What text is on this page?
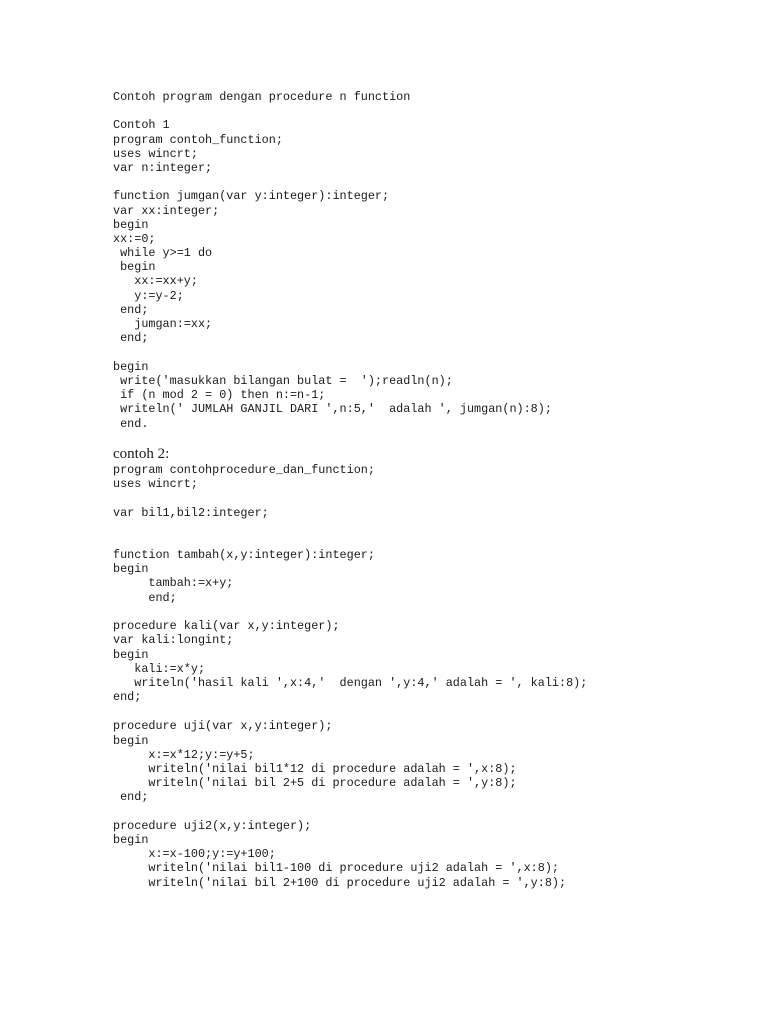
Contoh program dengan procedure n function

Contoh 1

program contoh_function;

uses wincrt;

var n:integer;

function jumgan(var y:integer):integer;

var xx:integer;

begin

xx:=0;

while y>=1 do

begin

xx:=xx+y;

y:=y-2;

end;

jumgan:=xx;

end;

begin

write('masukkan bilangan bulat =  ');readln(n);

if (n mod 2 = 0) then n:=n-1;

writeln(' JUMLAH GANJIL DARI ',n:5,'  adalah ', jumgan(n):8);

end.

contoh 2:

program contohprocedure_dan_function;

uses wincrt;

var bil1,bil2:integer;

function tambah(x,y:integer):integer;

begin

tambah:=x+y;

end;

procedure kali(var x,y:integer);

var kali:longint;

begin

kali:=x*y;

writeln('hasil kali ',x:4,'  dengan ',y:4,' adalah = ', kali:8);

end;

procedure uji(var x,y:integer);

begin

x:=x*12;y:=y+5;

writeln('nilai bil1*12 di procedure adalah = ',x:8);

writeln('nilai bil 2+5 di procedure adalah = ',y:8);

end;

procedure uji2(x,y:integer);

begin

x:=x-100;y:=y+100;

writeln('nilai bil1-100 di procedure uji2 adalah = ',x:8);

writeln('nilai bil 2+100 di procedure uji2 adalah = ',y:8);
